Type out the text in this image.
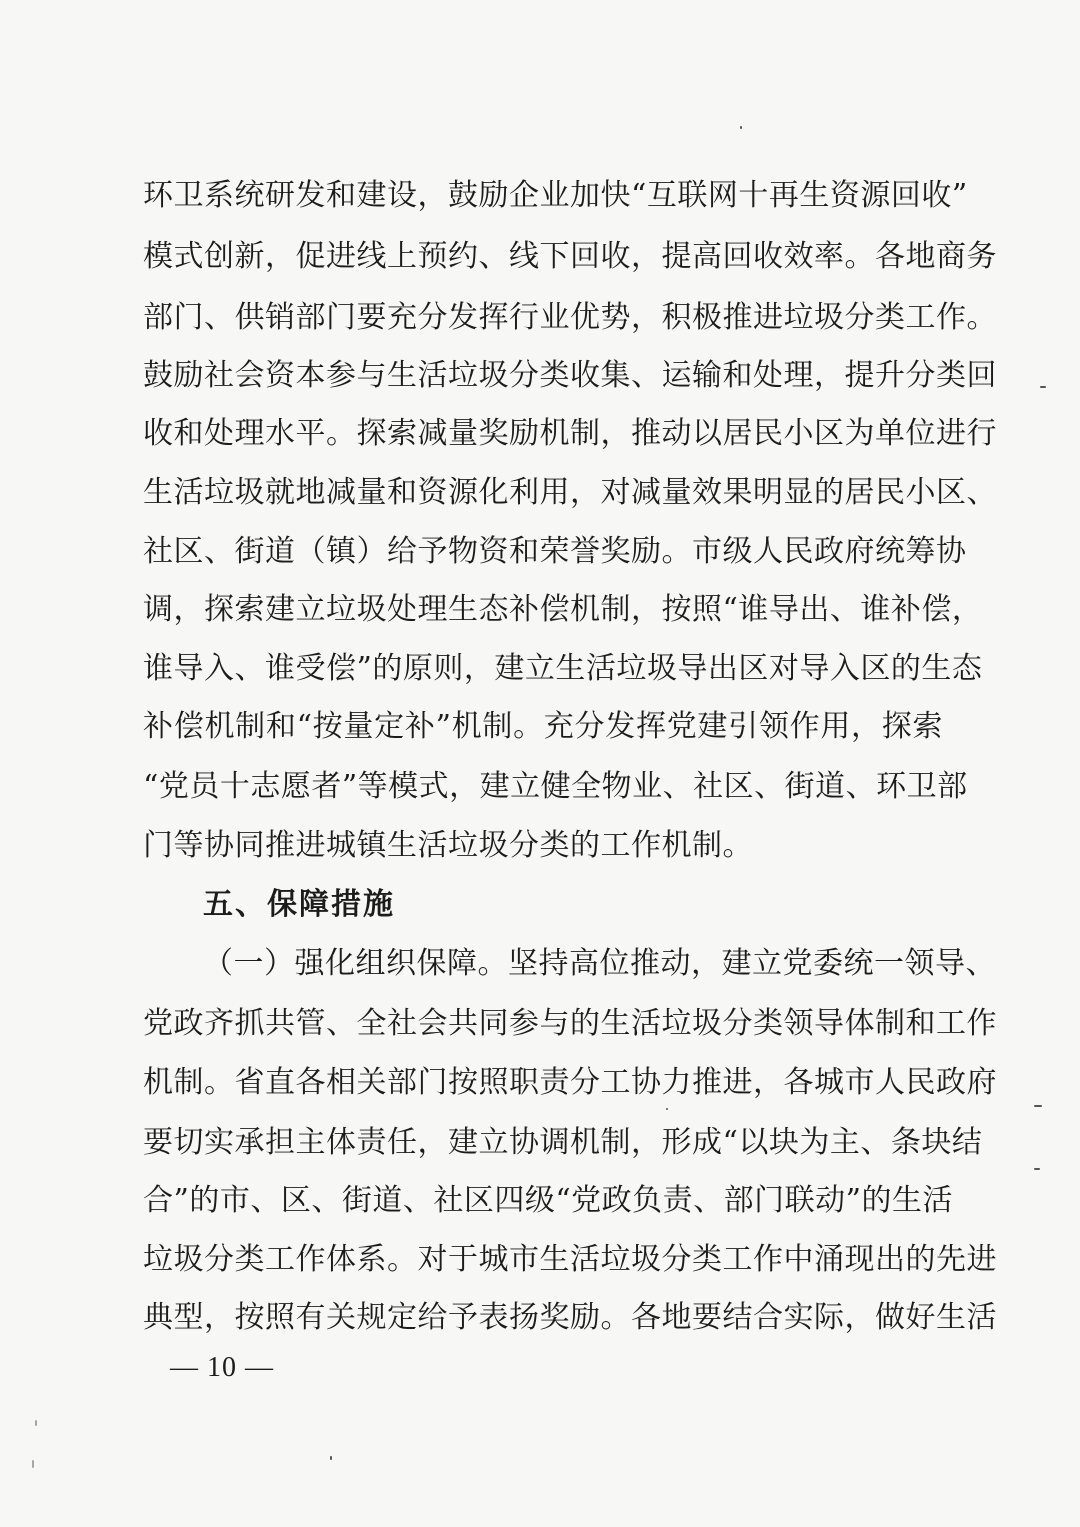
环卫系统研发和建设，鼓励企业加快“互联网十再生资源回收”
模式创新，促进线上预约、线下回收，提高回收效率。各地商务
部门、供销部门要充分发挥行业优势，积极推进垃圾分类工作。
鼓励社会资本参与生活垃圾分类收集、运输和处理，提升分类回
收和处理水平。探索减量奖励机制，推动以居民小区为单位进行
生活垃圾就地减量和资源化利用，对减量效果明显的居民小区、
社区、街道（镇）给予物资和荣誉奖励。市级人民政府统筹协
调，探索建立垃圾处理生态补偿机制，按照“谁导出、谁补偿，
谁导入、谁受偿”的原则，建立生活垃圾导出区对导入区的生态
补偿机制和“按量定补”机制。充分发挥党建引领作用，探索
“党员十志愿者”等模式，建立健全物业、社区、街道、环卫部
门等协同推进城镇生活垃圾分类的工作机制。
五、保障措施
（一）强化组织保障。坚持高位推动，建立党委统一领导、
党政齐抓共管、全社会共同参与的生活垃圾分类领导体制和工作
机制。省直各相关部门按照职责分工协力推进，各城市人民政府
要切实承担主体责任，建立协调机制，形成“以块为主、条块结
合”的市、区、街道、社区四级“党政负责、部门联动”的生活
垃圾分类工作体系。对于城市生活垃圾分类工作中涌现出的先进
典型，按照有关规定给予表扬奖励。各地要结合实际，做好生活
— 10 —
